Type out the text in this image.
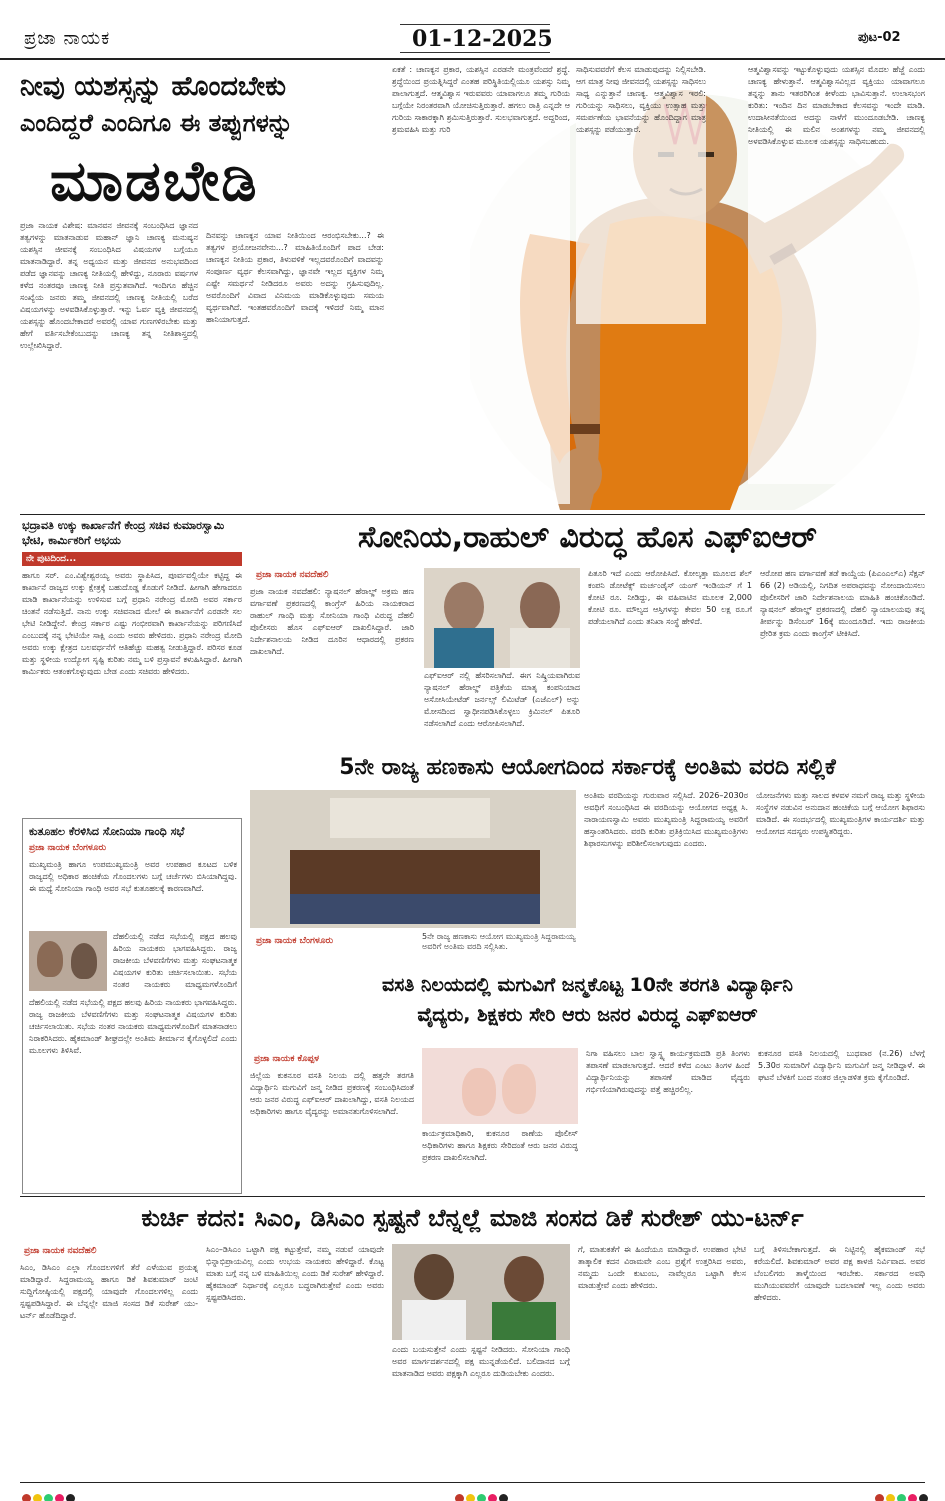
ಪ್ರಜಾ ನಾಯಕ	01-12-2025	ಪುಟ-02
ನೀವು ಯಶಸ್ಸನ್ನು ಹೊಂದಬೇಕು
ಎಂದಿದ್ದರೆ ಎಂದಿಗೂ ಈ ತಪ್ಪುಗಳನ್ನು
ಮಾಡಬೇಡಿ
ಪ್ರಜಾ ನಾಯಕ ವಿಶೇಷ: ಮಾನವನ ಜೀವನಕ್ಕೆ ಸಂಬಂಧಿಸಿದ ಜ್ಞಾನದ ತತ್ವಗಳನ್ನು ಮಾತನಾಡುವ ಮಹಾನ್ ಜ್ಞಾನಿ ಚಾಣಕ್ಯ ಮನುಷ್ಯನ ಯಶಸ್ಸಿನ ಜೀವನಕ್ಕೆ ಸಂಬಂಧಿಸಿದ ವಿಷಯಗಳ ಬಗ್ಗೆಯೂ ಮಾತನಾಡಿದ್ದಾರೆ. ತನ್ನ ಅಧ್ಯಯನ ಮತ್ತು ಜೀವನದ ಅನುಭವದಿಂದ ಪಡೆದ ಜ್ಞಾನವನ್ನು ಚಾಣಕ್ಯ ನೀತಿಯಲ್ಲಿ ಹೇಳಿದ್ದು, ನೂರಾರು ವರ್ಷಗಳ ಕಳೆದ ನಂತರವೂ ಚಾಣಕ್ಯ ನೀತಿ ಪ್ರಸ್ತುತವಾಗಿದೆ. ಇಂದಿಗೂ ಹೆಚ್ಚಿನ ಸಂಖ್ಯೆಯ ಜನರು ತಮ್ಮ ಜೀವನದಲ್ಲಿ ಚಾಣಕ್ಯ ನೀತಿಯಲ್ಲಿ ಬರೆದ ವಿಷಯಗಳನ್ನು ಅಳವಡಿಸಿಕೊಳ್ಳುತ್ತಾರೆ. ಇನ್ನು ಓರ್ವ ವ್ಯಕ್ತಿ ಜೀವನದಲ್ಲಿ ಯಶಸ್ಸನ್ನು ಹೊಂದಬೇಕಾದರೆ ಅವರಲ್ಲಿ ಯಾವ ಗುಣಗಳಿರಬೇಕು ಮತ್ತು ಹೇಗೆ ವರ್ತಿಸಬೇಕೆಂಬುದನ್ನು ಚಾಣಕ್ಯ ತನ್ನ ನೀತಿಶಾಸ್ತ್ರದಲ್ಲಿ ಉಲ್ಲೇಖಿಸಿದ್ದಾರೆ.
ದಿನವನ್ನು ಚಾಣಕ್ಯನ ಯಾವ ನೀತಿಯಿಂದ ಆರಂಭಿಸಬೇಕು...? ಈ ತತ್ವಗಳ ಪ್ರಯೋಜನವೇನು...? ಮಾಹಿತಿಯೊಂದಿಗೆ ಪಾದ ಬೇಡ: ಚಾಣಕ್ಯನ ನೀತಿಯ ಪ್ರಕಾರ, ತಿಳುವಳಿಕೆ ಇಲ್ಲದವರೊಂದಿಗೆ ವಾದವನ್ನು ಸಂಪೂರ್ಣ ವ್ಯರ್ಥ ಕೆಲಸವಾಗಿದ್ದು, ಜ್ಞಾನವೇ ಇಲ್ಲದ ವ್ಯಕ್ತಿಗಳ ನಿಮ್ಮ ಎಷ್ಟೇ ಸಮರ್ಥನೆ ನೀಡಿದರೂ ಅವರು ಅದನ್ನು ಗ್ರಹಿಸುವುದಿಲ್ಲ. ಅವರೊಂದಿಗೆ ವಿವಾದ ವಿನಿಮಯ ಮಾಡಿಕೊಳ್ಳುವುದು ಸಮಯ ವ್ಯರ್ಥವಾಗಿದೆ. ಇಂತಹವರೊಂದಿಗೆ ವಾದಕ್ಕೆ ಇಳಿದರೆ ನಿಮ್ಮ ಮಾನ ಹಾನಿಯಾಗುತ್ತದೆ.
ಏಕತೆ : ಚಾಣಕ್ಯನ ಪ್ರಕಾರ, ಯಶಸ್ಸಿನ ಎರಡನೇ ಮಂತ್ರವೆಂದರೆ ಶ್ರದ್ಧೆ. ಶ್ರದ್ಧೆಯಿಂದ ಪ್ರಯತ್ನಿಸಿದ್ದರೆ ಎಂತಹ ಪರಿಸ್ಥಿತಿಯಲ್ಲಿಯೂ ಯಶಸ್ಸು ನಿಮ್ಮ ಪಾಲಾಗುತ್ತದೆ. ಆತ್ಮವಿಶ್ವಾಸ ಇರುವವರು ಯಾವಾಗಲೂ ತಮ್ಮ ಗುರಿಯ ಬಗ್ಗೆಯೇ ನಿರಂತರವಾಗಿ ಯೋಚಿಸುತ್ತಿರುತ್ತಾರೆ. ಹಗಲು ರಾತ್ರಿ ಎನ್ನದೇ ಆ ಗುರಿಯ ಸಾಕಾರಕ್ಕಾಗಿ ಶ್ರಮಿಸುತ್ತಿರುತ್ತಾರೆ. ಸುಲಭವಾಗುತ್ತದೆ. ಅದ್ದರಿಂದ, ಶ್ರಮವಹಿಸಿ ಮತ್ತು ಗುರಿ
ಸಾಧಿಸುವವರೆಗೆ ಕೆಲಸ ಮಾಡುವುದನ್ನು ನಿಲ್ಲಿಸಬೇಡಿ. ಆಗ ಮಾತ್ರ ನೀವು ಜೀವನದಲ್ಲಿ ಯಶಸ್ಸನ್ನು ಸಾಧಿಸಲು ಸಾಧ್ಯ ಎನ್ನುತ್ತಾನೆ ಚಾಣಕ್ಯ. ಆತ್ಮವಿಶ್ವಾಸ ಇರಲಿ: ಗುರಿಯನ್ನು ಸಾಧಿಸಲು, ವ್ಯಕ್ತಿಯು ಉತ್ಸಾಹ ಮತ್ತು ಸಮರ್ಪಣೆಯ ಭಾವನೆಯನ್ನು ಹೊಂದಿದ್ದಾಗ ಮಾತ್ರ ಯಶಸ್ಸನ್ನು ಪಡೆಯುತ್ತಾರೆ.
ಆತ್ಮವಿಶ್ವಾಸವನ್ನು ಇಟ್ಟುಕೊಳ್ಳುವುದು ಯಶಸ್ಸಿನ ಮೊದಲ ಹೆಜ್ಜೆ ಎಂದು ಚಾಣಕ್ಯ ಹೇಳುತ್ತಾನೆ. ಆತ್ಮವಿಶ್ವಾಸವಿಲ್ಲದ ವ್ಯಕ್ತಿಯು ಯಾವಾಗಲೂ ತನ್ನನ್ನು ತಾನು ಇತರರಿಗಿಂತ ಕೀಳೆಂದು ಭಾವಿಸುತ್ತಾನೆ. ಉಲಾಸಭಂಗ ಕುರಿತು: ಇಂದಿನ ದಿನ ಮಾಡಬೇಕಾದ ಕೆಲಸವನ್ನು ಇಂದೇ ಮಾಡಿ. ಉದಾಸೀನತೆಯಿಂದ ಅದನ್ನು ನಾಳೆಗೆ ಮುಂದೂಡಬೇಡಿ. ಚಾಣಕ್ಯ ನೀತಿಯಲ್ಲಿ ಈ ಮಲಿನ ಅಂಶಗಳನ್ನು ನಮ್ಮ ಜೀವನದಲ್ಲಿ ಅಳವಡಿಸಿಕೊಳ್ಳುವ ಮೂಲಕ ಯಶಸ್ಸನ್ನು ಸಾಧಿಸಬಹುದು.
ಭದ್ರಾವತಿ ಉಕ್ಕು ಕಾರ್ಖಾನೆಗೆ ಕೇಂದ್ರ ಸಚಿವ ಕುಮಾರಸ್ವಾಮಿ ಭೇಟಿ, ಕಾರ್ಮಿಕರಿಗೆ ಅಭಯ
ನೇ ಪುಟದಿಂದ...
ಹಾಗೂ ಸರ್. ಎಂ.ವಿಶ್ವೇಶ್ವರಯ್ಯ ಅವರು ಸ್ಥಾಪಿಸಿದ, ಪೂರ್ವವಲ್ಲಿಯೇ ಕಟ್ಟಿದ್ದ ಈ ಕಾರ್ಖಾನೆ ರಾಜ್ಯದ ಉಕ್ಕು ಕ್ಷೇತ್ರಕ್ಕೆ ಬಹುದೊಡ್ಡ ಕೊಡುಗೆ ನೀಡಿದೆ. ಹೀಗಾಗಿ ಹೇಗಾದರೂ ಮಾಡಿ ಕಾರ್ಖಾನೆಯನ್ನು ಉಳಿಸುವ ಬಗ್ಗೆ ಪ್ರಧಾನಿ ನರೇಂದ್ರ ಮೋದಿ ಅವರ ಸರ್ಕಾರ ಚಿಂತನೆ ನಡೆಸುತ್ತಿದೆ. ನಾನು ಉಕ್ಕು ಸಚಿವನಾದ ಮೇಲೆ ಈ ಕಾರ್ಖಾನೆಗೆ ಎರಡನೇ ಸಲ ಭೇಟಿ ನೀಡಿದ್ದೇನೆ. ಕೇಂದ್ರ ಸರ್ಕಾರ ಎಷ್ಟು ಗಂಭೀರವಾಗಿ ಕಾರ್ಖಾನೆಯನ್ನು ಪರಿಗಣಿಸಿದೆ ಎಂಬುದಕ್ಕೆ ನನ್ನ ಭೇಟಿಯೇ ಸಾಕ್ಷಿ ಎಂದು ಅವರು ಹೇಳಿದರು. ಪ್ರಧಾನಿ ನರೇಂದ್ರ ಮೋದಿ ಅವರು ಉಕ್ಕು ಕ್ಷೇತ್ರದ ಬಲವರ್ಧನೆಗೆ ಆತಿಹೆಚ್ಚು ಮಹತ್ವ ನೀಡುತ್ತಿದ್ದಾರೆ. ಪರಿಸರ ಕೂಡ ಮತ್ತು ಸ್ಥಳೀಯ ಉದ್ಯೋಗ ಸೃಷ್ಟಿ ಕುರಿತು ನಮ್ಮ ಬಳಿ ಪ್ರಸ್ತಾವನೆ ಕಳುಹಿಸಿದ್ದಾರೆ. ಹೀಗಾಗಿ ಕಾರ್ಮಿಕರು ಆತಂಕಗೊಳ್ಳುವುದು ಬೇಡ ಎಂದು ಸಚಿವರು ಹೇಳಿದರು.
ಕುತೂಹಲ ಕೆರಳಿಸಿದ ಸೋನಿಯಾ ಗಾಂಧಿ ಸಭೆ
ಪ್ರಜಾ ನಾಯಕ ಬೆಂಗಳೂರು
ಮುಖ್ಯಮಂತ್ರಿ ಹಾಗೂ ಉಪಮುಖ್ಯಮಂತ್ರಿ ಅವರ ಉಪಹಾರ ಕೂಟದ ಬಳಿಕ ರಾಜ್ಯದಲ್ಲಿ ಅಧಿಕಾರ ಹಂಚಿಕೆಯ ಗೊಂದಲಗಳು ಬಗ್ಗೆ ಚರ್ಚೆಗಳು ಬಿಸಿಯಾಗಿದ್ದವು. ಈ ಮಧ್ಯೆ ಸೋನಿಯಾ ಗಾಂಧಿ ಅವರ ಸಭೆ ಕುತೂಹಲಕ್ಕೆ ಕಾರಣವಾಗಿದೆ.
ದೆಹಲಿಯಲ್ಲಿ ನಡೆದ ಸಭೆಯಲ್ಲಿ ಪಕ್ಷದ ಹಲವು ಹಿರಿಯ ನಾಯಕರು ಭಾಗವಹಿಸಿದ್ದರು. ರಾಜ್ಯ ರಾಜಕೀಯ ಬೆಳವಣಿಗೆಗಳು ಮತ್ತು ಸಂಘಟನಾತ್ಮಕ ವಿಷಯಗಳ ಕುರಿತು ಚರ್ಚಿಸಲಾಯಿತು. ಸಭೆಯ ನಂತರ ನಾಯಕರು ಮಾಧ್ಯಮಗಳೊಂದಿಗೆ
ದೆಹಲಿಯಲ್ಲಿ ನಡೆದ ಸಭೆಯಲ್ಲಿ ಪಕ್ಷದ ಹಲವು ಹಿರಿಯ ನಾಯಕರು ಭಾಗವಹಿಸಿದ್ದರು. ರಾಜ್ಯ ರಾಜಕೀಯ ಬೆಳವಣಿಗೆಗಳು ಮತ್ತು ಸಂಘಟನಾತ್ಮಕ ವಿಷಯಗಳ ಕುರಿತು ಚರ್ಚಿಸಲಾಯಿತು. ಸಭೆಯ ನಂತರ ನಾಯಕರು ಮಾಧ್ಯಮಗಳೊಂದಿಗೆ ಮಾತನಾಡಲು ನಿರಾಕರಿಸಿದರು. ಹೈಕಮಾಂಡ್ ಶೀಘ್ರದಲ್ಲೇ ಅಂತಿಮ ತೀರ್ಮಾನ ಕೈಗೊಳ್ಳಲಿದೆ ಎಂದು ಮೂಲಗಳು ತಿಳಿಸಿವೆ.
ಸೋನಿಯ,ರಾಹುಲ್ ವಿರುದ್ಧ ಹೊಸ ಎಫ್ಐಆರ್
ಪ್ರಜಾ ನಾಯಕ ನವದೆಹಲಿ
ಪ್ರಜಾ ನಾಯಕ ನವದೆಹಲಿ: ನ್ಯಾಷನಲ್ ಹೆರಾಲ್ಡ್ ಅಕ್ರಮ ಹಣ ವರ್ಗಾವಣೆ ಪ್ರಕರಣದಲ್ಲಿ ಕಾಂಗ್ರೆಸ್ ಹಿರಿಯ ನಾಯಕರಾದ ರಾಹುಲ್ ಗಾಂಧಿ ಮತ್ತು ಸೋನಿಯಾ ಗಾಂಧಿ ವಿರುದ್ಧ ದೆಹಲಿ ಪೊಲೀಸರು ಹೊಸ ಎಫ್ಐಆರ್ ದಾಖಲಿಸಿದ್ದಾರೆ. ಜಾರಿ ನಿರ್ದೇಶನಾಲಯ ನೀಡಿದ ದೂರಿನ ಆಧಾರದಲ್ಲಿ ಪ್ರಕರಣ ದಾಖಲಾಗಿದೆ.
ಎಫ್ಐಆರ್ ನಲ್ಲಿ ಹೆಸರಿಸಲಾಗಿದೆ. ಈಗ ನಿಷ್ಕ್ರಿಯವಾಗಿರುವ ನ್ಯಾಷನಲ್ ಹೆರಾಲ್ಡ್ ಪತ್ರಿಕೆಯ ಮಾತೃ ಕಂಪನಿಯಾದ ಅಸೋಸಿಯೇಟೆಡ್ ಜರ್ನಲ್ಸ್ ಲಿಮಿಟೆಡ್ (ಎಜೆಎಲ್) ಅನ್ನು ಮೋಸದಿಂದ ಸ್ವಾಧೀನಪಡಿಸಿಕೊಳ್ಳಲು ಕ್ರಿಮಿನಲ್ ಪಿತೂರಿ ನಡೆಸಲಾಗಿದೆ ಎಂದು ಆರೋಪಿಸಲಾಗಿದೆ.
ಪಿತೂರಿ ಇದೆ ಎಂದು ಆರೋಪಿಸಿದೆ. ಕೋಲ್ಕತ್ತಾ ಮೂಲದ ಶೆಲ್ ಕಂಪನಿ ಡೋಟೆಕ್ಸ್ ಮರ್ಚಂಡೈಸ್ ಯಂಗ್ ಇಂಡಿಯನ್ ಗೆ 1 ಕೋಟಿ ರೂ. ನೀಡಿದ್ದು, ಈ ವಹಿವಾಟಿನ ಮೂಲಕ 2,000 ಕೋಟಿ ರೂ. ಮೌಲ್ಯದ ಆಸ್ತಿಗಳನ್ನು ಕೇವಲ 50 ಲಕ್ಷ ರೂ.ಗೆ ಪಡೆಯಲಾಗಿದೆ ಎಂದು ತನಿಖಾ ಸಂಸ್ಥೆ ಹೇಳಿದೆ.
ಆರೋಪ ಹಣ ವರ್ಗಾವಣೆ ತಡೆ ಕಾಯ್ದೆಯ (ಪಿಎಂಎಲ್ಎ) ಸೆಕ್ಷನ್ 66 (2) ಅಡಿಯಲ್ಲಿ, ನಿಗದಿತ ಅಪರಾಧವನ್ನು ನೋಂದಾಯಿಸಲು ಪೊಲೀಸರಿಗೆ ಜಾರಿ ನಿರ್ದೇಶನಾಲಯ ಮಾಹಿತಿ ಹಂಚಿಕೊಂಡಿದೆ. ನ್ಯಾಷನಲ್ ಹೆರಾಲ್ಡ್ ಪ್ರಕರಣದಲ್ಲಿ ದೆಹಲಿ ನ್ಯಾಯಾಲಯವು ತನ್ನ ತೀರ್ಪನ್ನು ಡಿಸೆಂಬರ್ 16ಕ್ಕೆ ಮುಂದೂಡಿದೆ. ಇದು ರಾಜಕೀಯ ಪ್ರೇರಿತ ಕ್ರಮ ಎಂದು ಕಾಂಗ್ರೆಸ್ ಟೀಕಿಸಿದೆ.
5ನೇ ರಾಜ್ಯ ಹಣಕಾಸು ಆಯೋಗದಿಂದ ಸರ್ಕಾರಕ್ಕೆ ಅಂತಿಮ ವರದಿ ಸಲ್ಲಿಕೆ
ಪ್ರಜಾ ನಾಯಕ ಬೆಂಗಳೂರು	5ನೇ ರಾಜ್ಯ ಹಣಕಾಸು ಆಯೋಗ ಮುಖ್ಯಮಂತ್ರಿ ಸಿದ್ದರಾಮಯ್ಯ ಅವರಿಗೆ ಅಂತಿಮ ವರದಿ ಸಲ್ಲಿಸಿತು.
ಅಂತಿಮ ವರದಿಯನ್ನು ಗುರುವಾರ ಸಲ್ಲಿಸಿದೆ. 2026–2030ರ ಅವಧಿಗೆ ಸಂಬಂಧಿಸಿದ ಈ ವರದಿಯನ್ನು ಆಯೋಗದ ಅಧ್ಯಕ್ಷ ಸಿ. ನಾರಾಯಣಸ್ವಾಮಿ ಅವರು ಮುಖ್ಯಮಂತ್ರಿ ಸಿದ್ದರಾಮಯ್ಯ ಅವರಿಗೆ ಹಸ್ತಾಂತರಿಸಿದರು. ವರದಿ ಕುರಿತು ಪ್ರತಿಕ್ರಿಯಿಸಿದ ಮುಖ್ಯಮಂತ್ರಿಗಳು ಶಿಫಾರಸುಗಳನ್ನು ಪರಿಶೀಲಿಸಲಾಗುವುದು ಎಂದರು.
ಯೋಜನೆಗಳು ಮತ್ತು ಸಾಲದ ಕಳವಳ ನಮಗೆ ರಾಜ್ಯ ಮತ್ತು ಸ್ಥಳೀಯ ಸಂಸ್ಥೆಗಳ ನಡುವಿನ ಅನುದಾನ ಹಂಚಿಕೆಯ ಬಗ್ಗೆ ಆಯೋಗ ಶಿಫಾರಸು ಮಾಡಿದೆ. ಈ ಸಂದರ್ಭದಲ್ಲಿ ಮುಖ್ಯಮಂತ್ರಿಗಳ ಕಾರ್ಯದರ್ಶಿ ಮತ್ತು ಆಯೋಗದ ಸದಸ್ಯರು ಉಪಸ್ಥಿತರಿದ್ದರು.
ವಸತಿ ನಿಲಯದಲ್ಲಿ ಮಗುವಿಗೆ ಜನ್ಮಕೊಟ್ಟ 10ನೇ ತರಗತಿ ವಿದ್ಯಾರ್ಥಿನಿ
ವೈದ್ಯರು, ಶಿಕ್ಷಕರು ಸೇರಿ ಆರು ಜನರ ವಿರುದ್ಧ ಎಫ್ಐಆರ್
ಪ್ರಜಾ ನಾಯಕ ಕೊಪ್ಪಳ
ಜಿಲ್ಲೆಯ ಕುಕನೂರ ವಸತಿ ನಿಲಯ ದಲ್ಲಿ ಹತ್ತನೇ ತರಗತಿ ವಿದ್ಯಾರ್ಥಿನಿ ಮಗುವಿಗೆ ಜನ್ಮ ನೀಡಿದ ಪ್ರಕರಣಕ್ಕೆ ಸಂಬಂಧಿಸಿದಂತೆ ಆರು ಜನರ ವಿರುದ್ಧ ಎಫ್ಐಆರ್ ದಾಖಲಾಗಿದ್ದು, ವಸತಿ ನಿಲಯದ ಅಧಿಕಾರಿಗಳು ಹಾಗೂ ವೈದ್ಯರನ್ನು ಅಮಾನತುಗೊಳಿಸಲಾಗಿದೆ.
ಕಾರ್ಯಕ್ರಮಾಧಿಕಾರಿ, ಕುಕನೂರ ಠಾಣೆಯ ಪೊಲೀಸ್ ಅಧಿಕಾರಿಗಳು ಹಾಗೂ ಶಿಕ್ಷಕರು ಸೇರಿದಂತೆ ಆರು ಜನರ ವಿರುದ್ಧ ಪ್ರಕರಣ ದಾಖಲಿಸಲಾಗಿದೆ.
ನಿಗಾ ವಹಿಸಲು ಬಾಲ ಸ್ವಾಸ್ಥ್ಯ ಕಾರ್ಯಕ್ರಮದಡಿ ಪ್ರತಿ ತಿಂಗಳು ತಪಾಸಣೆ ಮಾಡಲಾಗುತ್ತದೆ. ಆದರೆ ಕಳೆದ ಎಂಟು ತಿಂಗಳ ಹಿಂದೆ ವಿದ್ಯಾರ್ಥಿನಿಯನ್ನು ತಪಾಸಣೆ ಮಾಡಿದ ವೈದ್ಯರು ಗರ್ಭಿಣಿಯಾಗಿರುವುದನ್ನು ಪತ್ತೆ ಹಚ್ಚಿರಲಿಲ್ಲ.
ಕುಕನೂರ ವಸತಿ ನಿಲಯದಲ್ಲಿ ಬುಧವಾರ (ನ.26) ಬೆಳಗ್ಗೆ 5.30ರ ಸುಮಾರಿಗೆ ವಿದ್ಯಾರ್ಥಿನಿ ಮಗುವಿಗೆ ಜನ್ಮ ನೀಡಿದ್ದಾಳೆ. ಈ ಘಟನೆ ಬೆಳಕಿಗೆ ಬಂದ ನಂತರ ಜಿಲ್ಲಾಡಳಿತ ಕ್ರಮ ಕೈಗೊಂಡಿದೆ.
ಕುರ್ಚಿ ಕದನ: ಸಿಎಂ, ಡಿಸಿಎಂ ಸ್ಪಷ್ಟನೆ ಬೆನ್ನಲ್ಲೆ ಮಾಜಿ ಸಂಸದ ಡಿಕೆ ಸುರೇಶ್ ಯು-ಟರ್ನ್
ಪ್ರಜಾ ನಾಯಕ ನವದೆಹಲಿ
ಸಿಎಂ, ಡಿಸಿಎಂ ಎಲ್ಲಾ ಗೊಂದಲಗಳಿಗೆ ತೆರೆ ಎಳೆಯುವ ಪ್ರಯತ್ನ ಮಾಡಿದ್ದಾರೆ. ಸಿದ್ದರಾಮಯ್ಯ ಹಾಗೂ ಡಿಕೆ ಶಿವಕುಮಾರ್ ಜಂಟಿ ಸುದ್ದಿಗೋಷ್ಠಿಯಲ್ಲಿ ಪಕ್ಷದಲ್ಲಿ ಯಾವುದೇ ಗೊಂದಲಗಳಿಲ್ಲ ಎಂದು ಸ್ಪಷ್ಟಪಡಿಸಿದ್ದಾರೆ. ಈ ಬೆನ್ನಲ್ಲೇ ಮಾಜಿ ಸಂಸದ ಡಿಕೆ ಸುರೇಶ್ ಯು-ಟರ್ನ್ ಹೊಡೆದಿದ್ದಾರೆ.
ಸಿಎಂ–ಡಿಸಿಎಂ ಒಟ್ಟಾಗಿ ಪಕ್ಷ ಕಟ್ಟುತ್ತೇವೆ, ನಮ್ಮ ನಡುವೆ ಯಾವುದೇ ಭಿನ್ನಾಭಿಪ್ರಾಯವಿಲ್ಲ ಎಂದು ಉಭಯ ನಾಯಕರು ಹೇಳಿದ್ದಾರೆ. ಕೊಟ್ಟ ಮಾತು ಬಗ್ಗೆ ನನ್ನ ಬಳಿ ಮಾಹಿತಿಯಿಲ್ಲ ಎಂದು ಡಿಕೆ ಸುರೇಶ್ ಹೇಳಿದ್ದಾರೆ. ಹೈಕಮಾಂಡ್ ನಿರ್ಧಾರಕ್ಕೆ ಎಲ್ಲರೂ ಬದ್ಧರಾಗಿರುತ್ತೇವೆ ಎಂದು ಅವರು ಸ್ಪಷ್ಟಪಡಿಸಿದರು.
ಎಂದು ಬಯಸುತ್ತೇನೆ ಎಂದು ಸ್ಪಷ್ಟನೆ ನೀಡಿದರು. ಸೋನಿಯಾ ಗಾಂಧಿ ಅವರ ಮಾರ್ಗದರ್ಶನದಲ್ಲಿ ಪಕ್ಷ ಮುನ್ನಡೆಯಲಿದೆ. ಬಲಿದಾನದ ಬಗ್ಗೆ ಮಾತನಾಡಿದ ಅವರು ಪಕ್ಷಕ್ಕಾಗಿ ಎಲ್ಲರೂ ದುಡಿಯಬೇಕು ಎಂದರು.
ಗೆ, ಮಾತುಕತೆಗೆ ಈ ಹಿಂದೆಯೂ ಮಾಡಿದ್ದಾರೆ. ಉಪಹಾರ ಭೇಟಿ ತಾತ್ಕಾಲಿಕ ಕದನ ವಿರಾಮವೇ ಎಂಬ ಪ್ರಶ್ನೆಗೆ ಉತ್ತರಿಸಿದ ಅವರು, ನಮ್ಮದು ಒಂದೇ ಕುಟುಂಬ, ನಾವೆಲ್ಲರೂ ಒಟ್ಟಾಗಿ ಕೆಲಸ ಮಾಡುತ್ತೇವೆ ಎಂದು ಹೇಳಿದರು.
ಬಗ್ಗೆ ತಿಳಿಸಬೇಕಾಗುತ್ತದೆ. ಈ ನಿಟ್ಟಿನಲ್ಲಿ ಹೈಕಮಾಂಡ್ ಸಭೆ ಕರೆಯಲಿದೆ. ಶಿವಕುಮಾರ್ ಅವರ ಪಕ್ಷ ಕಾಳಜಿ ನಿರ್ವಿವಾದ. ಅವರ ಬೆಂಬಲಿಗರು ತಾಳ್ಮೆಯಿಂದ ಇರಬೇಕು. ಸರ್ಕಾರದ ಅವಧಿ ಮುಗಿಯುವವರೆಗೆ ಯಾವುದೇ ಬದಲಾವಣೆ ಇಲ್ಲ ಎಂದು ಅವರು ಹೇಳಿದರು.
